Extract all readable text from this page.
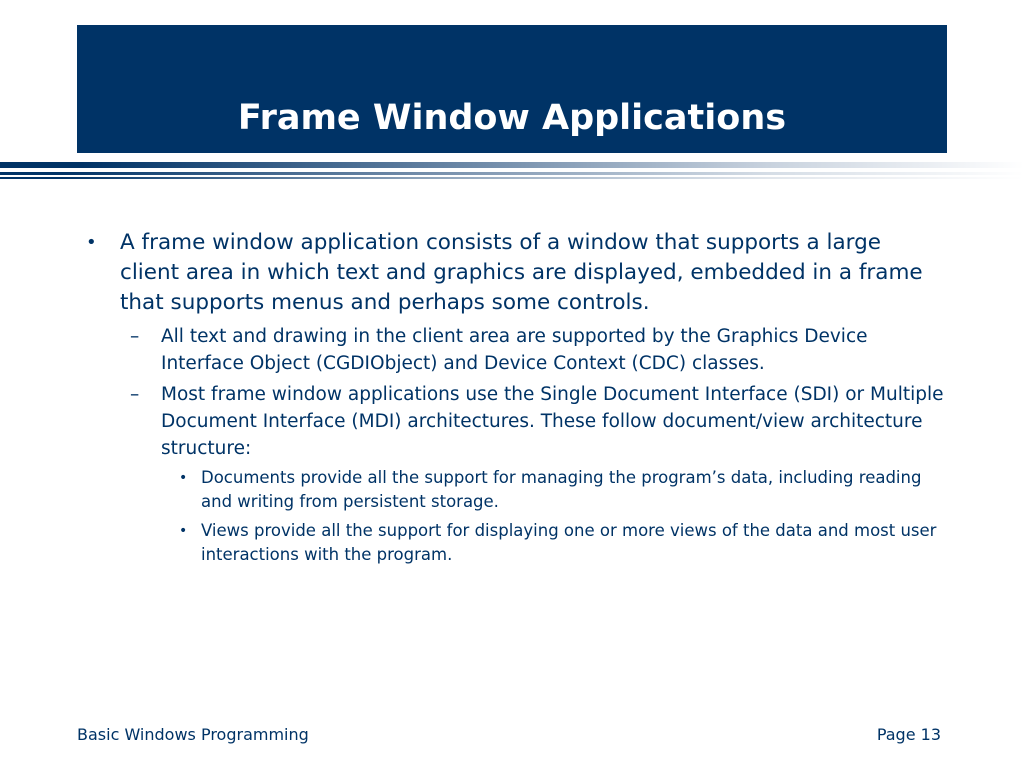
Frame Window Applications
• A frame window application consists of a window that supports a large client area in which text and graphics are displayed, embedded in a frame that supports menus and perhaps some controls.
– All text and drawing in the client area are supported by the Graphics Device Interface Object (CGDIObject) and Device Context (CDC) classes.
– Most frame window applications use the Single Document Interface (SDI) or Multiple Document Interface (MDI) architectures. These follow document/view architecture structure:
• Documents provide all the support for managing the program’s data, including reading and writing from persistent storage.
• Views provide all the support for displaying one or more views of the data and most user interactions with the program.

Basic Windows Programming	Page 13
